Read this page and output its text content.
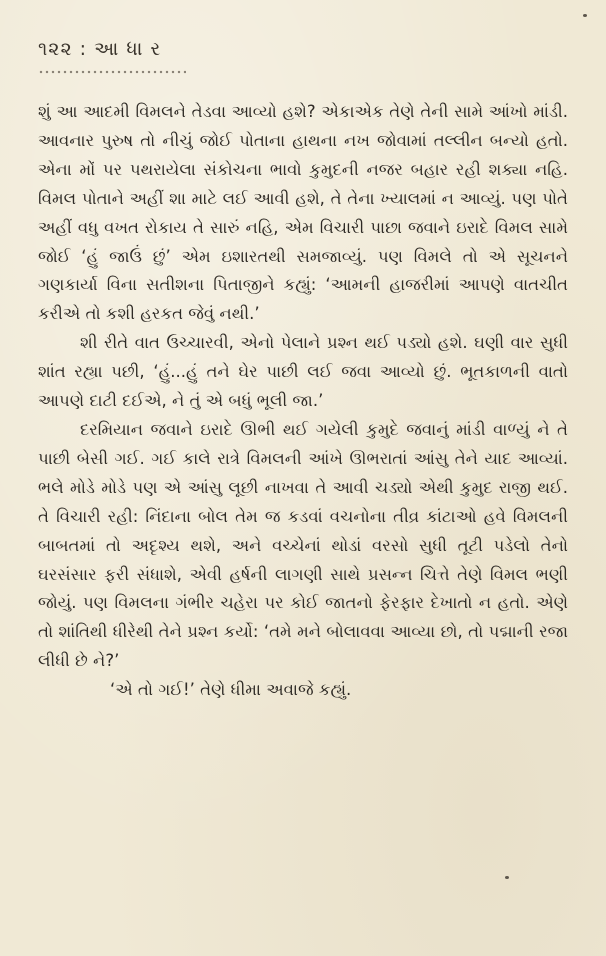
૧૨૨ : આ ધા ર

શું આ આદમી વિમલને તેડવા આવ્યો હશે? એકાએક તેણે તેની સામે આંખો માંડી. આવનાર પુરુષ તો નીચું જોઈ પોતાના હાથના નખ જોવામાં તલ્લીન બન્યો હતો. એના મોં પર પથરાયેલા સંકોચના ભાવો કુમુદની નજર બહાર રહી શક્યા નહિ. વિમલ પોતાને અહીં શા માટે લઈ આવી હશે, તે તેના ખ્યાલમાં ન આવ્યું. પણ પોતે અહીં વધુ વખત રોકાય તે સારું નહિ, એમ વિચારી પાછા જવાને ઇરાદે વિમલ સામે જોઈ ‘હું જાઉં છું’ એમ ઇશારતથી સમજાવ્યું. પણ વિમલે તો એ સૂચનને ગણકાર્યા વિના સતીશના પિતાજીને કહ્યું: ‘આમની હાજરીમાં આપણે વાતચીત કરીએ તો કશી હરકત જેવું નથી.’

શી રીતે વાત ઉચ્ચારવી, એનો પેલાને પ્રશ્ન થઈ પડ્યો હશે. ઘણી વાર સુધી શાંત રહ્યા પછી, ‘હું...હું તને ઘેર પાછી લઈ જવા આવ્યો છું. ભૂતકાળની વાતો આપણે દાટી દઈએ, ને તું એ બધું ભૂલી જા.’

દરમિયાન જવાને ઇરાદે ઊભી થઈ ગયેલી કુમુદે જવાનું માંડી વાળ્યું ને તે પાછી બેસી ગઈ. ગઈ કાલે રાત્રે વિમલની આંખે ઊભરાતાં આંસુ તેને યાદ આવ્યાં. ભલે મોડે મોડે પણ એ આંસુ લૂછી નાખવા તે આવી ચડ્યો એથી કુમુદ રાજી થઈ. તે વિચારી રહી: નિંદાના બોલ તેમ જ કડવાં વચનોના તીવ્ર કાંટાઓ હવે વિમલની બાબતમાં તો અદૃશ્ય થશે, અને વચ્ચેનાં થોડાં વરસો સુધી તૂટી પડેલો તેનો ઘરસંસાર ફરી સંધાશે, એવી હર્ષની લાગણી સાથે પ્રસન્ન ચિત્તે તેણે વિમલ ભણી જોયું. પણ વિમલના ગંભીર ચહેરા પર કોઈ જાતનો ફેરફાર દેખાતો ન હતો. એણે તો શાંતિથી ધીરેથી તેને પ્રશ્ન કર્યો: ‘તમે મને બોલાવવા આવ્યા છો, તો પદ્માની રજા લીધી છે ને?’

‘એ તો ગઈ!’ તેણે ધીમા અવાજે કહ્યું.
